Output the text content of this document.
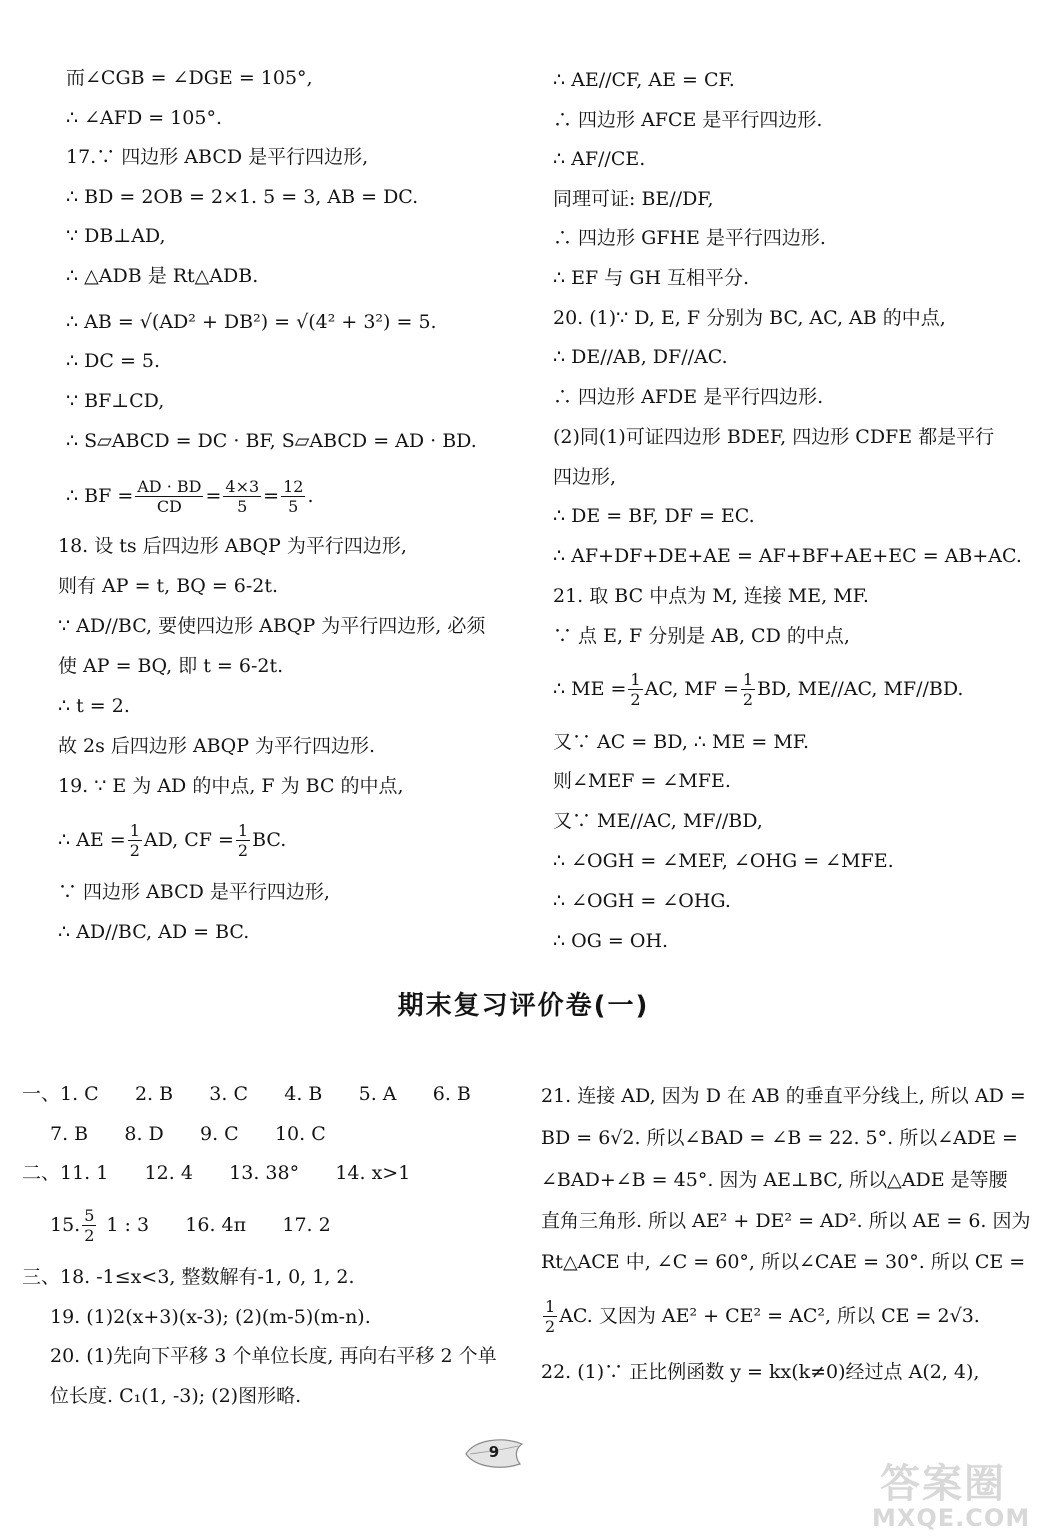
而∠CGB = ∠DGE = 105°,
∴ ∠AFD = 105°.
17.∵ 四边形 ABCD 是平行四边形,
∴ BD = 2OB = 2×1. 5 = 3, AB = DC.
∵ DB⊥AD,
∴ △ADB 是 Rt△ADB.
∴ AB = √(AD² + DB²) = √(4² + 3²) = 5.
∴ DC = 5.
∵ BF⊥CD,
∴ S▱ABCD = DC · BF, S▱ABCD = AD · BD.
∴ BF = $\frac{AD \cdot BD}{CD} = \frac{4\times 3}{5} = \frac{12}{5}$ .
18. 设 ts 后四边形 ABQP 为平行四边形,
则有 AP = t, BQ = 6-2t.
∵ AD//BC, 要使四边形 ABQP 为平行四边形, 必须
使 AP = BQ, 即 t = 6-2t.
∴ t = 2.
故 2s 后四边形 ABQP 为平行四边形.
19. ∵ E 为 AD 的中点, F 为 BC 的中点,
∴ AE = $\frac{1}{2}$ AD, CF = $\frac{1}{2}$ BC.
∵ 四边形 ABCD 是平行四边形,
∴ AD//BC, AD = BC.
∴ AE//CF, AE = CF.
∴ 四边形 AFCE 是平行四边形.
∴ AF//CE.
同理可证: BE//DF,
∴ 四边形 GFHE 是平行四边形.
∴ EF 与 GH 互相平分.
20. (1)∵ D, E, F 分别为 BC, AC, AB 的中点,
∴ DE//AB, DF//AC.
∴ 四边形 AFDE 是平行四边形.
(2)同(1)可证四边形 BDEF, 四边形 CDFE 都是平行
四边形,
∴ DE = BF, DF = EC.
∴ AF+DF+DE+AE = AF+BF+AE+EC = AB+AC.
21. 取 BC 中点为 M, 连接 ME, MF.
∵ 点 E, F 分别是 AB, CD 的中点,
∴ ME = $\frac{1}{2}$ AC, MF = $\frac{1}{2}$ BD, ME//AC, MF//BD.
又∵ AC = BD, ∴ ME = MF.
则∠MEF = ∠MFE.
又∵ ME//AC, MF//BD,
∴ ∠OGH = ∠MEF, ∠OHG = ∠MFE.
∴ ∠OGH = ∠OHG.
∴ OG = OH.
期末复习评价卷(一)
一、1. C      2. B      3. C      4. B      5. A      6. B
7. B      8. D      9. C      10. C
二、11. 1      12. 4      13. 38°      14. x>1
15. $\frac{5}{2} 1$ : 3      16. 4π      17. 2
三、18. -1≤x<3, 整数解有-1, 0, 1, 2.
19. (1)2(x+3)(x-3); (2)(m-5)(m-n).
20. (1)先向下平移 3 个单位长度, 再向右平移 2 个单
位长度. C₁(1, -3); (2)图形略.
21. 连接 AD, 因为 D 在 AB 的垂直平分线上, 所以 AD =
BD = 6√2. 所以∠BAD = ∠B = 22. 5°. 所以∠ADE =
∠BAD+∠B = 45°. 因为 AE⊥BC, 所以△ADE 是等腰
直角三角形. 所以 AE² + DE² = AD². 所以 AE = 6. 因为
Rt△ACE 中, ∠C = 60°, 所以∠CAE = 30°. 所以 CE =
$\frac{1}{2}$ AC. 又因为 AE² + CE² = AC², 所以 CE = 2√3.
22. (1)∵ 正比例函数 y = kx(k≠0)经过点 A(2, 4),
9
答案圈
MXQE.COM
